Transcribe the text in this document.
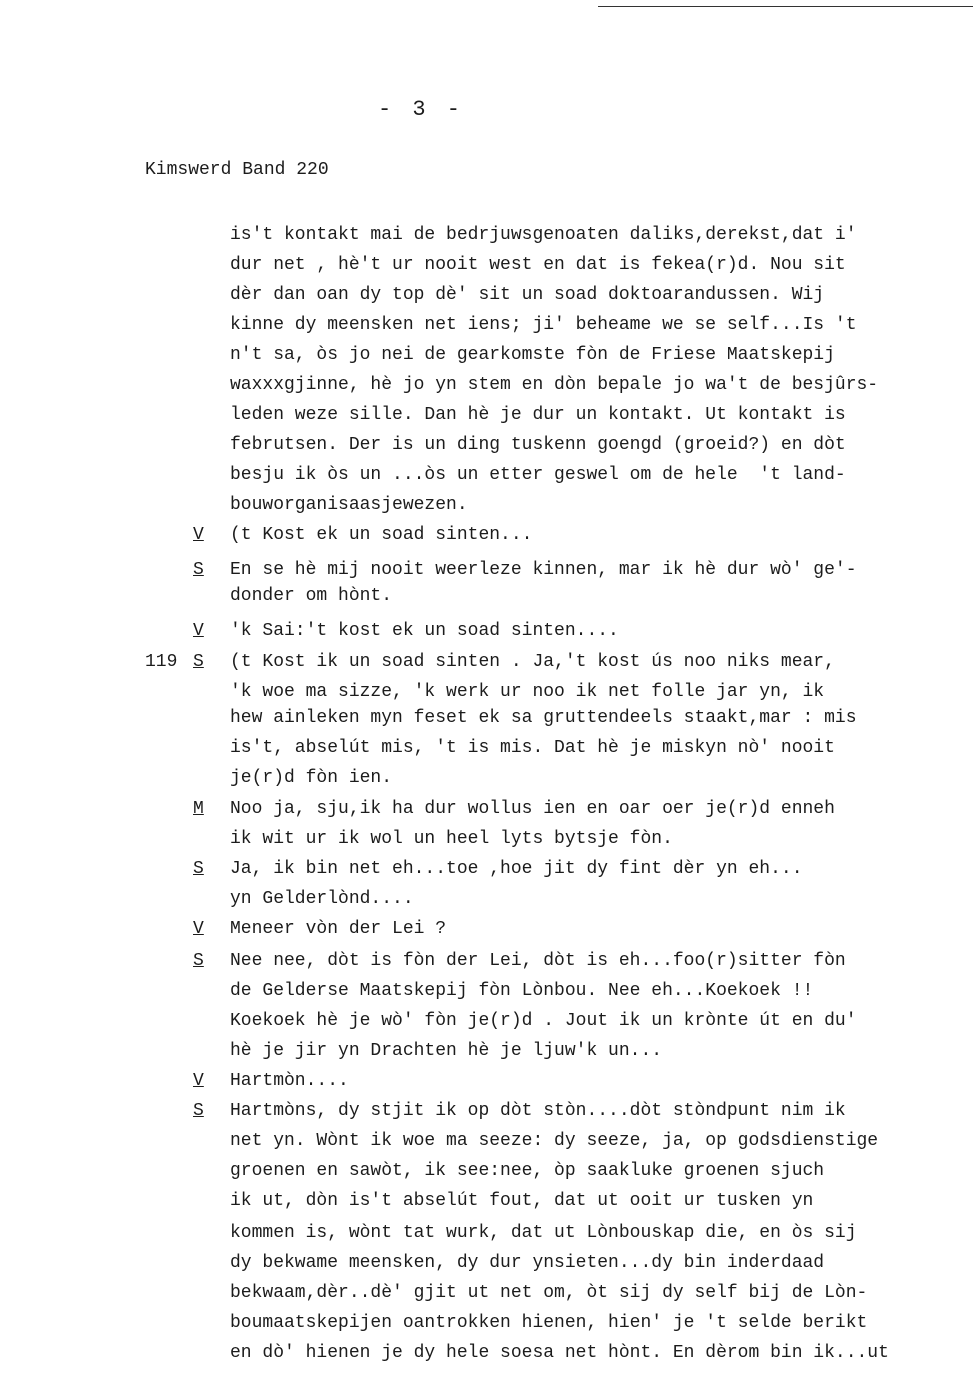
- 3 -
Kimswerd Band 220
is't kontakt mai de bedrjuwsgenoaten daliks,derekst,dat i'
dur net , hè't ur nooit west en dat is fekea(r)d. Nou sit
dèr dan oan dy top dè' sit un soad doktoarandussen. Wij
kinne dy meensken net iens; ji' beheame we se self...Is 't
n't sa, òs jo nei de gearkomste fòn de Friese Maatskepij
waxxxgjinne, hè jo yn stem en dòn bepale jo wa't de besjûrs-
leden weze sille. Dan hè je dur un kontakt. Ut kontakt is
februtsen. Der is un ding tuskenn goengd (groeid?) en dòt
besju ik òs un ...òs un etter geswel om de hele  't land-
bouworganisaasjewezen.
V (t Kost ek un soad sinten...
S En se hè mij nooit weerleze kinnen, mar ik hè dur wò' ge'-
donder om hònt.
V 'k Sai:'t kost ek un soad sinten....
119 S (t Kost ik un soad sinten . Ja,'t kost ús noo niks mear,
'k woe ma sizze, 'k werk ur noo ik net folle jar yn, ik
hew ainleken myn feset ek sa gruttendeels staakt,mar : mis
is't, abselút mis, 't is mis. Dat hè je miskyn nò' nooit
je(r)d fòn ien.
M Noo ja, sju,ik ha dur wollus ien en oar oer je(r)d enneh
ik wit ur ik wol un heel lyts bytsje fòn.
S Ja, ik bin net eh...toe ,hoe jit dy fint dèr yn eh...
yn Gelderlònd....
V Meneer vòn der Lei ?
S Nee nee, dòt is fòn der Lei, dòt is eh...foo(r)sitter fòn
de Gelderse Maatskepij fòn Lònbou. Nee eh...Koekoek !!
Koekoek hè je wò' fòn je(r)d . Jout ik un krònte út en du'
hè je jir yn Drachten hè je ljuw'k un...
V Hartmòn....
S Hartmòns, dy stjit ik op dòt stòn....dòt stòndpunt nim ik
net yn. Wònt ik woe ma seeze: dy seeze, ja, op godsdienstige
groenen en sawòt, ik see:nee, òp saakluke groenen sjuch
ik ut, dòn is't abselút fout, dat ut ooit ur tusken yn
kommen is, wònt tat wurk, dat ut Lònbouskap die, en òs sij
dy bekwame meensken, dy dur ynsieten...dy bin inderdaad
bekwaam,dèr..dè' gjit ut net om, òt sij dy self bij de Lòn-
boumaatskepijen oantrokken hienen, hien' je 't selde berikt
en dò' hienen je dy hele soesa net hònt. En dèrom bin ik...ut
